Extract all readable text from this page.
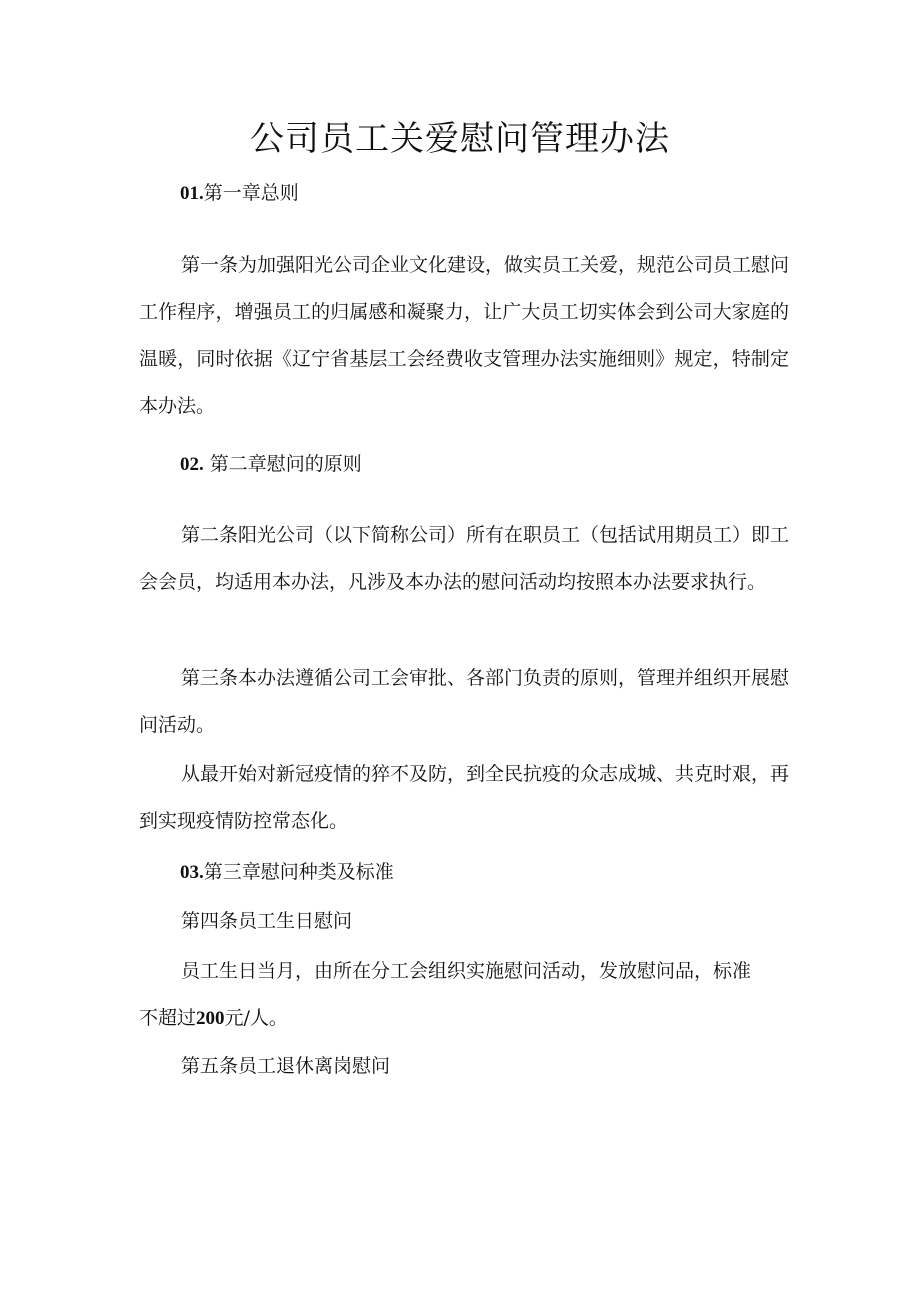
公司员工关爱慰问管理办法
01.第一章总则
第一条为加强阳光公司企业文化建设，做实员工关爱，规范公司员工慰问工作程序，增强员工的归属感和凝聚力，让广大员工切实体会到公司大家庭的温暖，同时依据《辽宁省基层工会经费收支管理办法实施细则》规定，特制定本办法。
02. 第二章慰问的原则
第二条阳光公司（以下简称公司）所有在职员工（包括试用期员工）即工会会员，均适用本办法，凡涉及本办法的慰问活动均按照本办法要求执行。
第三条本办法遵循公司工会审批、各部门负责的原则，管理并组织开展慰问活动。
从最开始对新冠疫情的猝不及防，到全民抗疫的众志成城、共克时艰，再到实现疫情防控常态化。
03.第三章慰问种类及标准
第四条员工生日慰问
员工生日当月，由所在分工会组织实施慰问活动，发放慰问品，标准
不超过200元/人。
第五条员工退休离岗慰问
